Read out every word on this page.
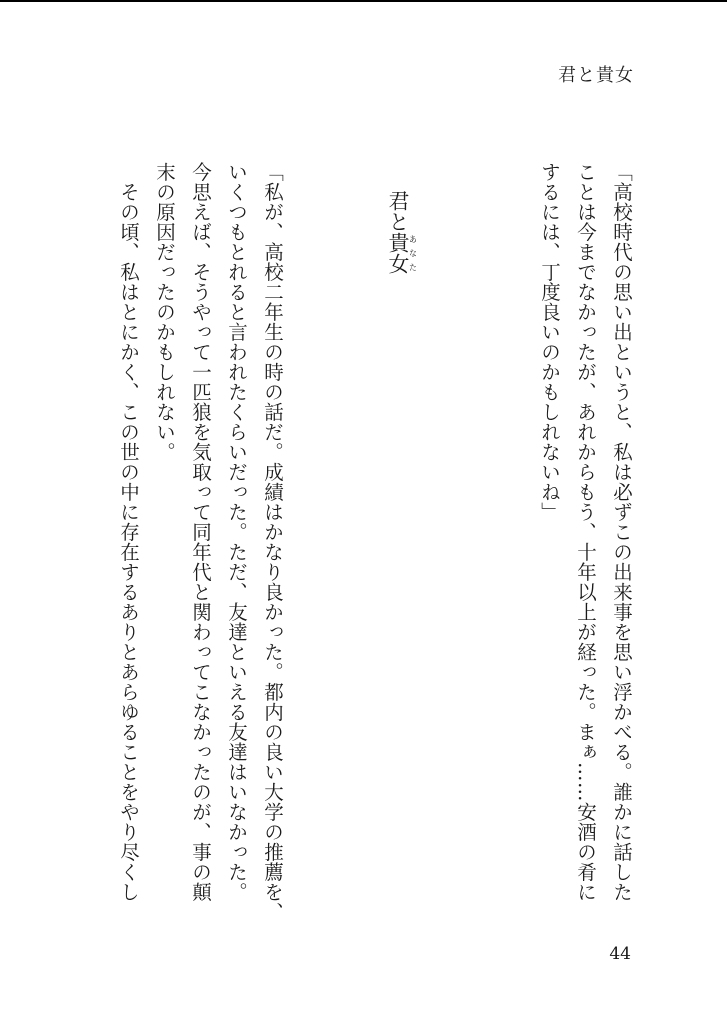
君と貴女
「高校時代の思い出というと、私は必ずこの出来事を思い浮かべる。誰かに話した
ことは今までなかったが、あれからもう、十年以上が経った。まぁ……安酒の肴に
するには、丁度良いのかもしれないね」
君と貴女あなた
「私が、高校二年生の時の話だ。成績はかなり良かった。都内の良い大学の推薦を、
いくつもとれると言われたくらいだった。ただ、友達といえる友達はいなかった。
今思えば、そうやって一匹狼を気取って同年代と関わってこなかったのが、事の顛
末の原因だったのかもしれない。
　その頃、私はとにかく、この世の中に存在するありとあらゆることをやり尽くし
44
